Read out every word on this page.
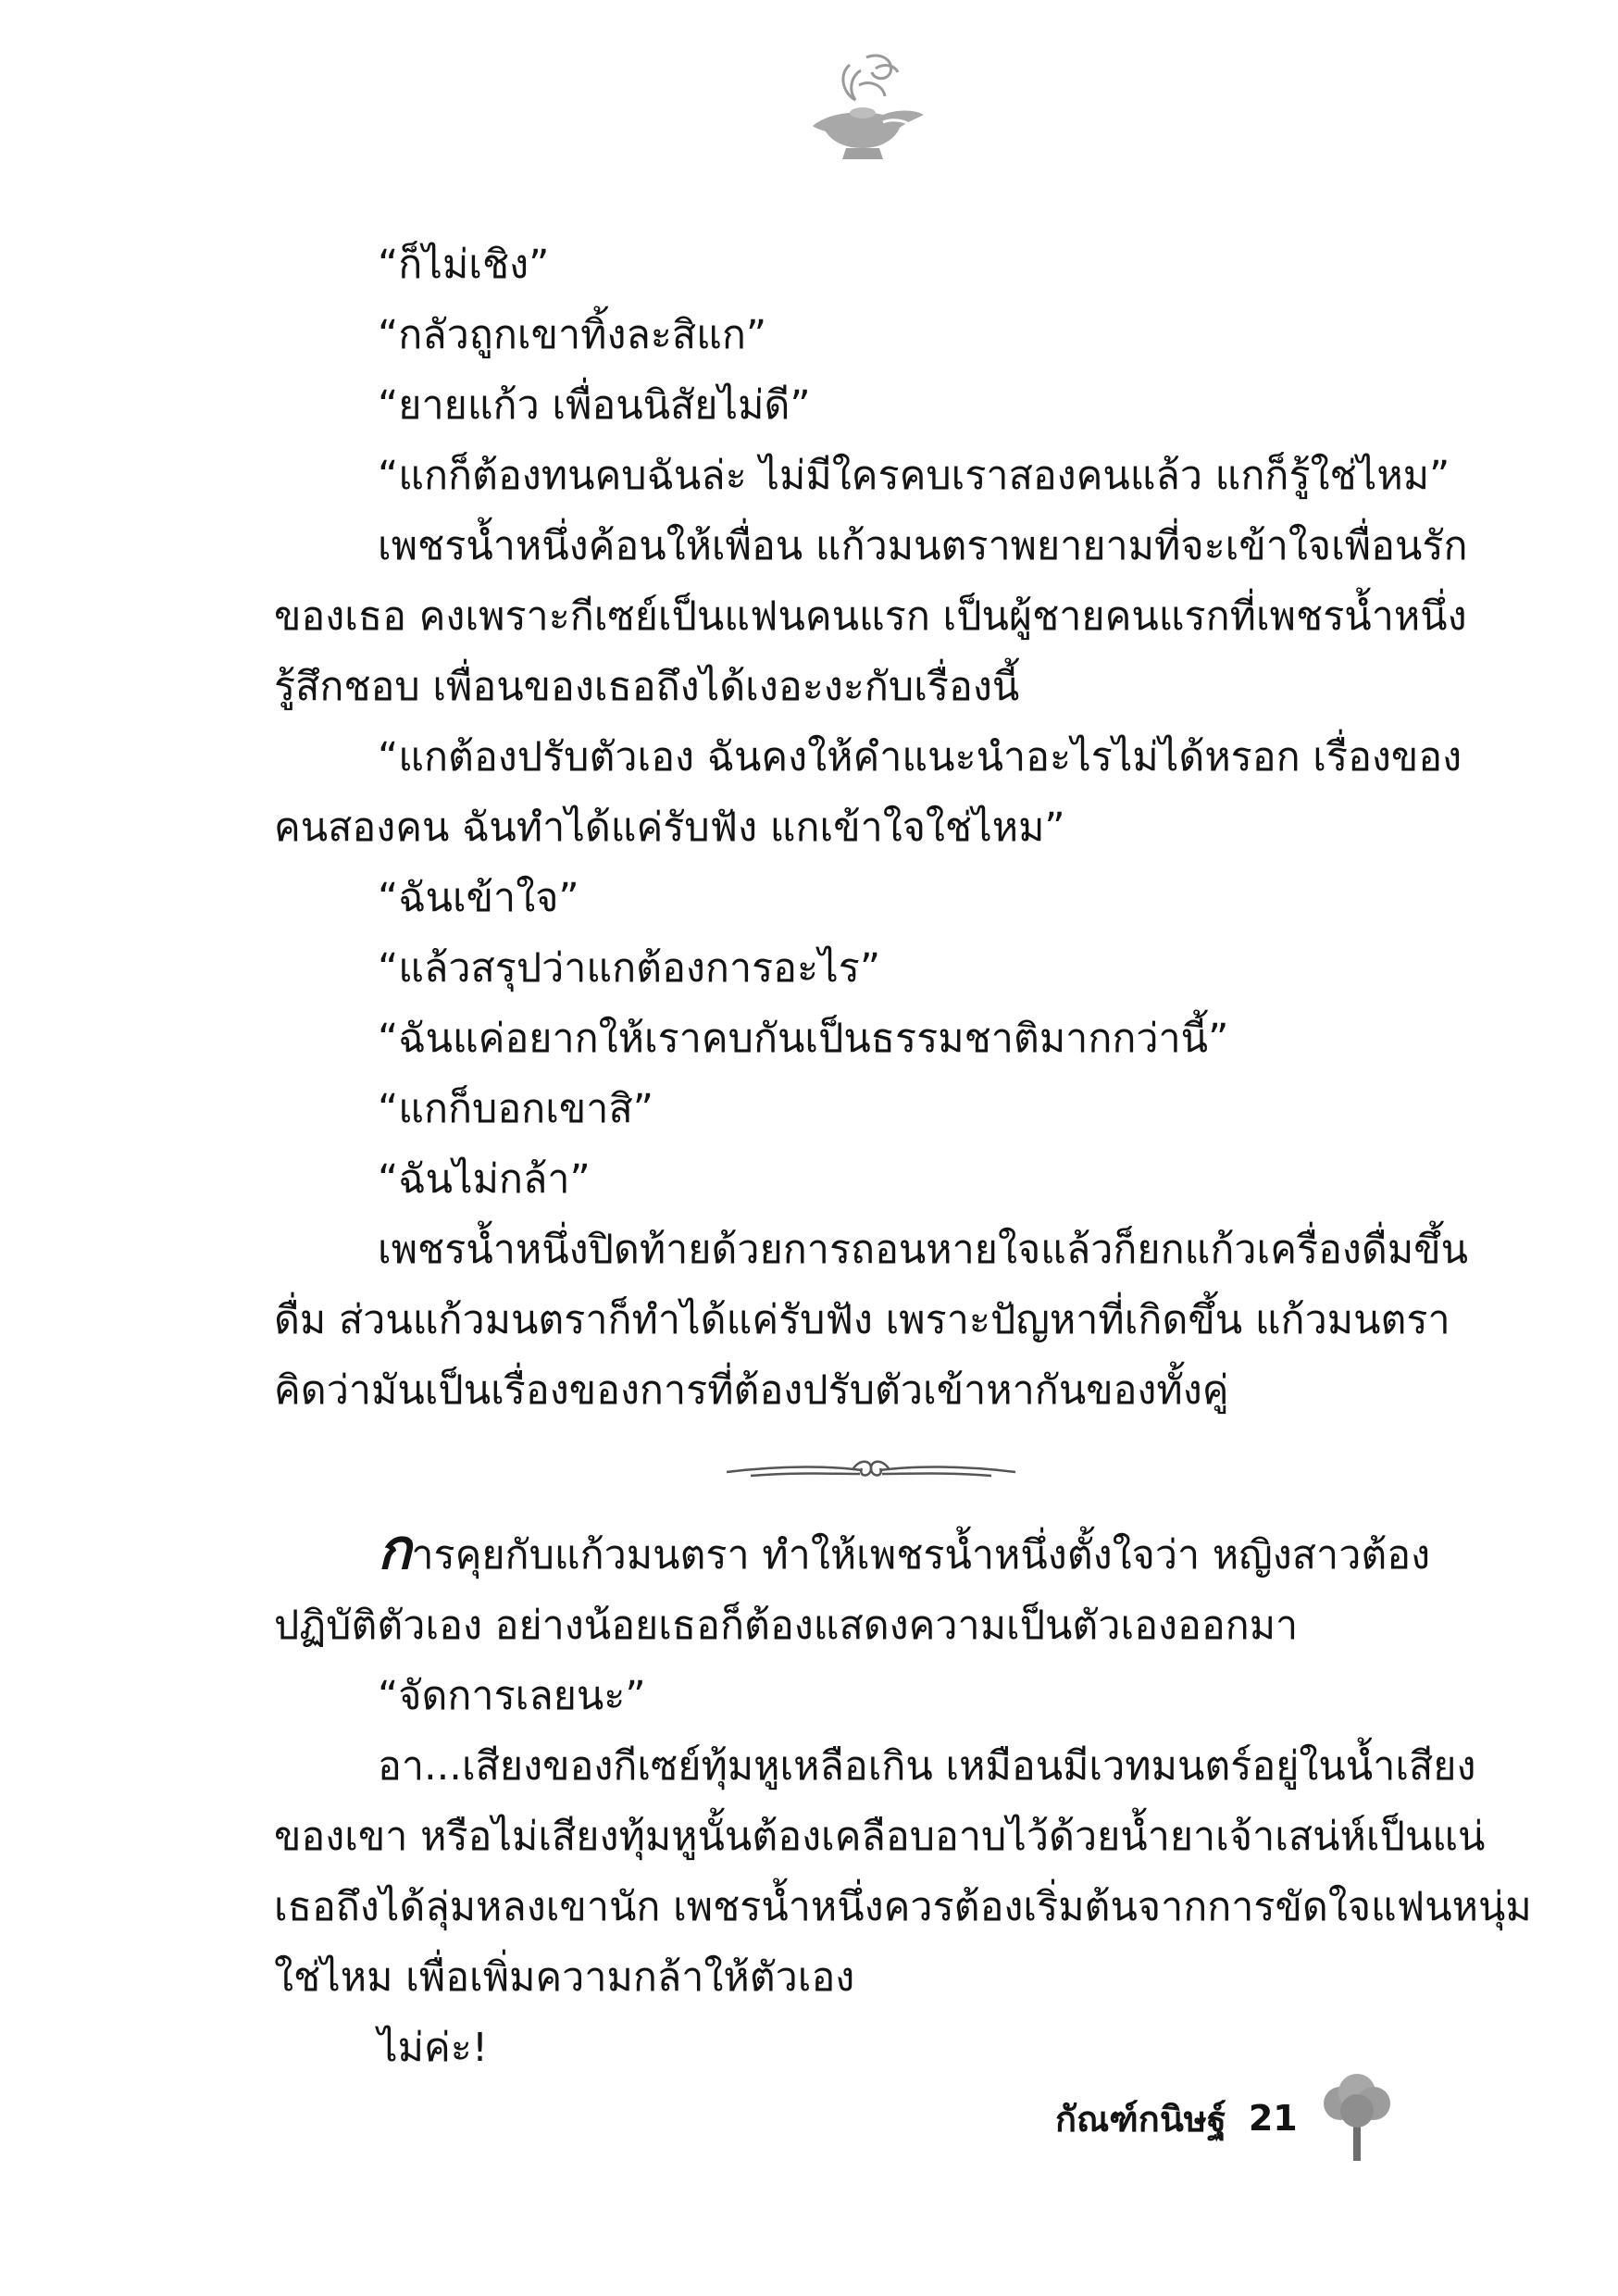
“ก็ไม่เชิง”
“กลัวถูกเขาทิ้งละสิแก”
“ยายแก้ว เพื่อนนิสัยไม่ดี”
“แกก็ต้องทนคบฉันล่ะ ไม่มีใครคบเราสองคนแล้ว แกก็รู้ใช่ไหม”
เพชรน้ำหนึ่งค้อนให้เพื่อน แก้วมนตราพยายามที่จะเข้าใจเพื่อนรัก
ของเธอ คงเพราะกีเซย์เป็นแฟนคนแรก เป็นผู้ชายคนแรกที่เพชรน้ำหนึ่ง
รู้สึกชอบ เพื่อนของเธอถึงได้เงอะงะกับเรื่องนี้
“แกต้องปรับตัวเอง ฉันคงให้คำแนะนำอะไรไม่ได้หรอก เรื่องของ
คนสองคน ฉันทำได้แค่รับฟัง แกเข้าใจใช่ไหม”
“ฉันเข้าใจ”
“แล้วสรุปว่าแกต้องการอะไร”
“ฉันแค่อยากให้เราคบกันเป็นธรรมชาติมากกว่านี้”
“แกก็บอกเขาสิ”
“ฉันไม่กล้า”
เพชรน้ำหนึ่งปิดท้ายด้วยการถอนหายใจแล้วก็ยกแก้วเครื่องดื่มขึ้น
ดื่ม ส่วนแก้วมนตราก็ทำได้แค่รับฟัง เพราะปัญหาที่เกิดขึ้น แก้วมนตรา
คิดว่ามันเป็นเรื่องของการที่ต้องปรับตัวเข้าหากันของทั้งคู่
การคุยกับแก้วมนตรา ทำให้เพชรน้ำหนึ่งตั้งใจว่า หญิงสาวต้อง
ปฏิบัติตัวเอง อย่างน้อยเธอก็ต้องแสดงความเป็นตัวเองออกมา
“จัดการเลยนะ”
อา...เสียงของกีเซย์ทุ้มหูเหลือเกิน เหมือนมีเวทมนตร์อยู่ในน้ำเสียง
ของเขา หรือไม่เสียงทุ้มหูนั้นต้องเคลือบอาบไว้ด้วยน้ำยาเจ้าเสน่ห์เป็นแน่
เธอถึงได้ลุ่มหลงเขานัก เพชรน้ำหนึ่งควรต้องเริ่มต้นจากการขัดใจแฟนหนุ่ม
ใช่ไหม เพื่อเพิ่มความกล้าให้ตัวเอง
ไม่ค่ะ!
กัณฑ์กนิษฐ์ 21
